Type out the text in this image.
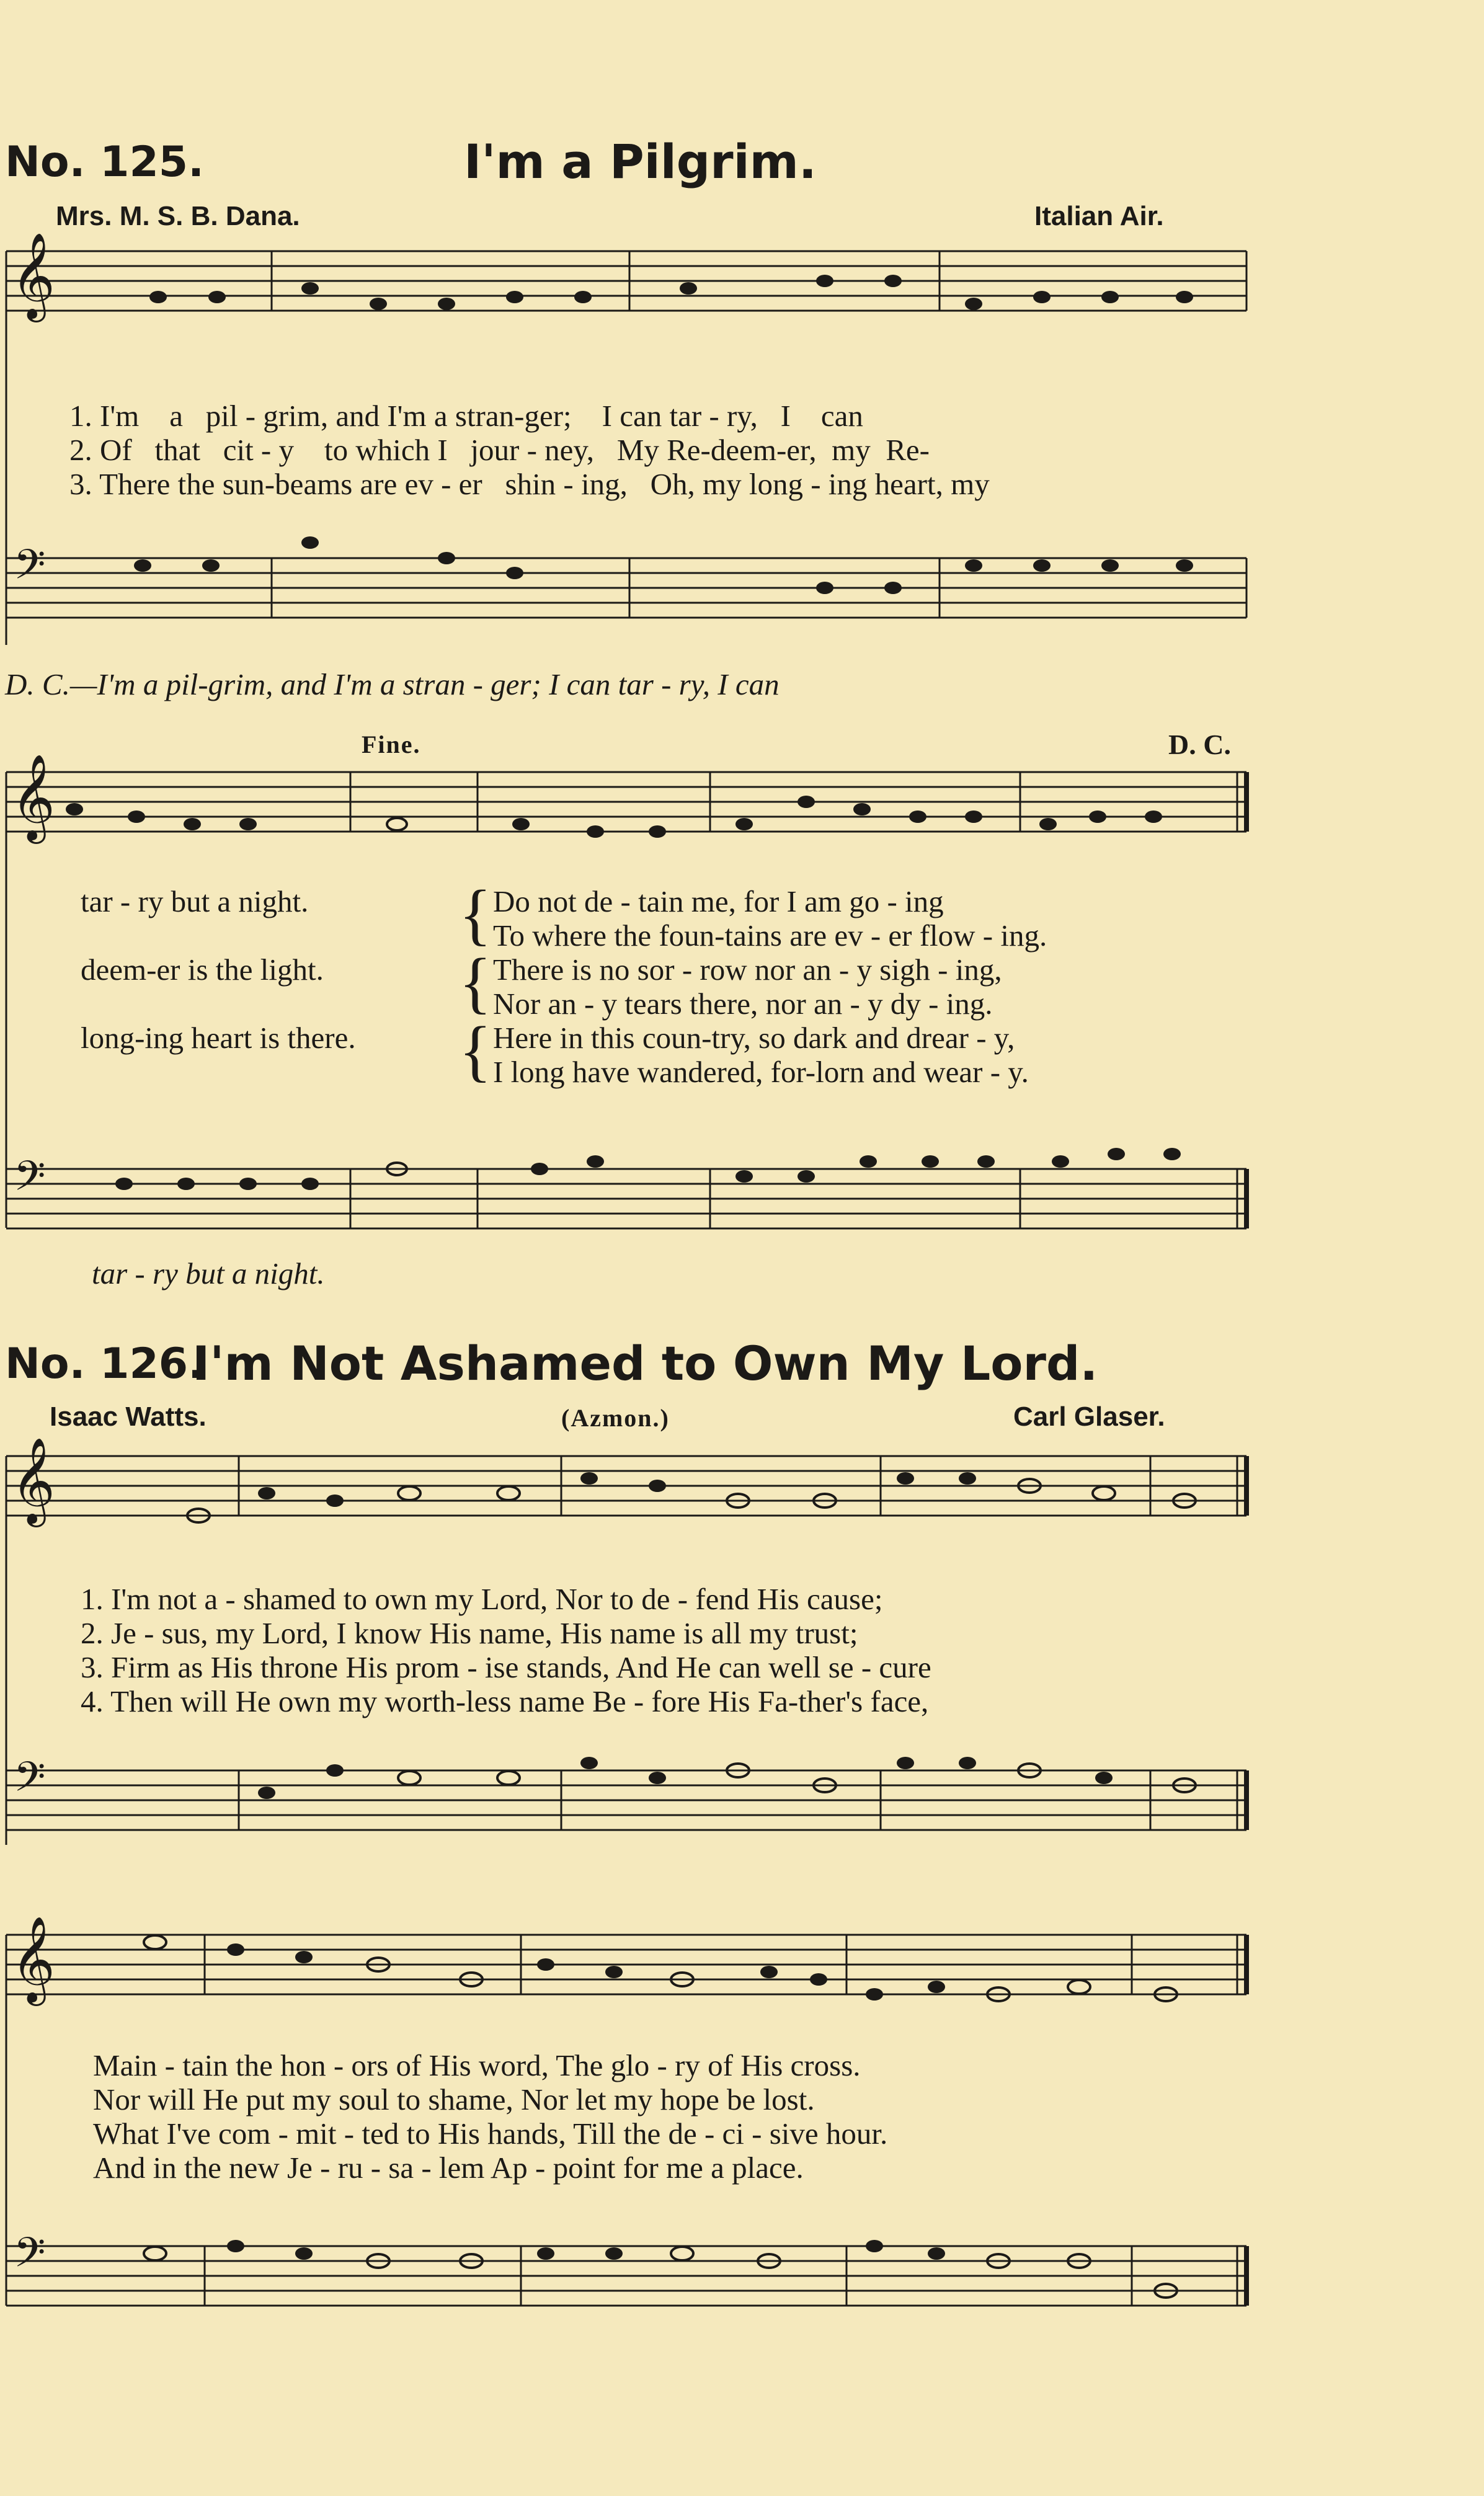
No. 125.	I'm a Pilgrim.
Mrs. M. S. B. Dana.	Italian Air.
𝄞
𝄢
𝄞
𝄢
1. I'm a pil - grim, and I'm a stran-ger; I can tar - ry, I can
2. Of that cit - y to which I jour - ney, My Re-deem-er, my Re-
3. There the sun-beams are ev - er shin - ing, Oh, my long - ing heart, my
D. C.—I'm a pil-grim, and I'm a stran - ger; I can tar - ry, I can
Fine.	D. C.
tar - ry but a night.
deem-er is the light.
long-ing heart is there.
{
{
{
Do not de - tain me, for I am go - ing
To where the foun-tains are ev - er flow - ing.
There is no sor - row nor an - y sigh - ing,
Nor an - y tears there, nor an - y dy - ing.
Here in this coun-try, so dark and drear - y,
I long have wandered, for-lorn and wear - y.
tar - ry but a night.
No. 126.
I'm Not Ashamed to Own My Lord.
Isaac Watts.	(Azmon.)	Carl Glaser.
𝄞
𝄢
𝄞
𝄢
1. I'm not a - shamed to own my Lord, Nor to de - fend His cause;
2. Je - sus, my Lord, I know His name, His name is all my trust;
3. Firm as His throne His prom - ise stands, And He can well se - cure
4. Then will He own my worth-less name Be - fore His Fa-ther's face,
Main - tain the hon - ors of His word, The glo - ry of His cross.
Nor will He put my soul to shame, Nor let my hope be lost.
What I've com - mit - ted to His hands, Till the de - ci - sive hour.
And in the new Je - ru - sa - lem Ap - point for me a place.
